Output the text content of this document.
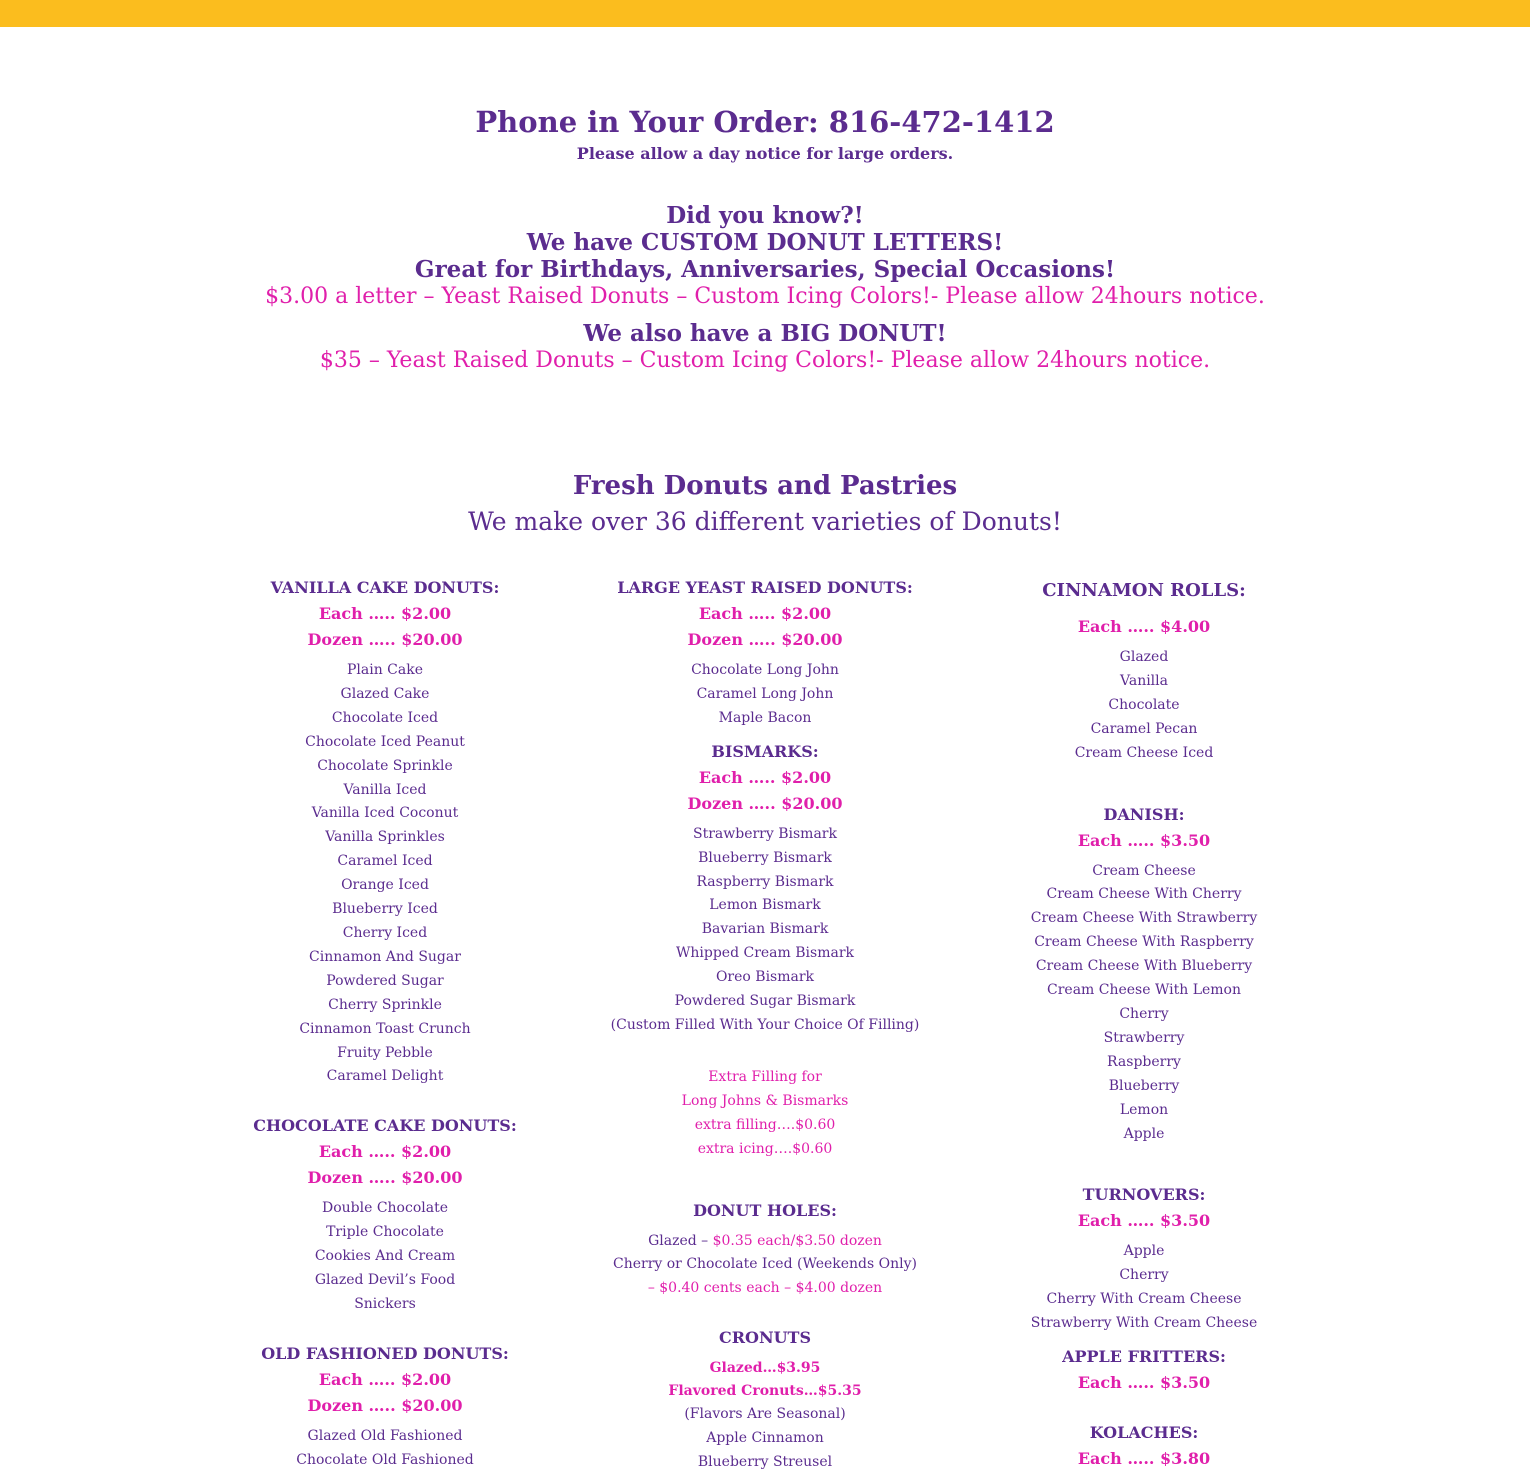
Phone in Your Order: 816-472-1412
Please allow a day notice for large orders.
Did you know?!
We have CUSTOM DONUT LETTERS!
Great for Birthdays, Anniversaries, Special Occasions!
$3.00 a letter – Yeast Raised Donuts – Custom Icing Colors!- Please allow 24hours notice.
We also have a BIG DONUT!
$35 – Yeast Raised Donuts – Custom Icing Colors!- Please allow 24hours notice.
Fresh Donuts and Pastries
We make over 36 different varieties of Donuts!
VANILLA CAKE DONUTS:
Each ….. $2.00
Dozen ….. $20.00
Plain Cake
Glazed Cake
Chocolate Iced
Chocolate Iced Peanut
Chocolate Sprinkle
Vanilla Iced
Vanilla Iced Coconut
Vanilla Sprinkles
Caramel Iced
Orange Iced
Blueberry Iced
Cherry Iced
Cinnamon And Sugar
Powdered Sugar
Cherry Sprinkle
Cinnamon Toast Crunch
Fruity Pebble
Caramel Delight
CHOCOLATE CAKE DONUTS:
Each ….. $2.00
Dozen ….. $20.00
Double Chocolate
Triple Chocolate
Cookies And Cream
Glazed Devil’s Food
Snickers
OLD FASHIONED DONUTS:
Each ….. $2.00
Dozen ….. $20.00
Glazed Old Fashioned
Chocolate Old Fashioned
LARGE YEAST RAISED DONUTS:
Each ….. $2.00
Dozen ….. $20.00
Chocolate Long John
Caramel Long John
Maple Bacon
BISMARKS:
Each ….. $2.00
Dozen ….. $20.00
Strawberry Bismark
Blueberry Bismark
Raspberry Bismark
Lemon Bismark
Bavarian Bismark
Whipped Cream Bismark
Oreo Bismark
Powdered Sugar Bismark
(Custom Filled With Your Choice Of Filling)
Extra Filling for
Long Johns & Bismarks
extra filling….$0.60
extra icing….$0.60
DONUT HOLES:
Glazed – $0.35 each/$3.50 dozen
Cherry or Chocolate Iced (Weekends Only)
– $0.40 cents each – $4.00 dozen
CRONUTS
Glazed…$3.95
Flavored Cronuts…$5.35
(Flavors Are Seasonal)
Apple Cinnamon
Blueberry Streusel
CINNAMON ROLLS:
Each ….. $4.00
Glazed
Vanilla
Chocolate
Caramel Pecan
Cream Cheese Iced
DANISH:
Each ….. $3.50
Cream Cheese
Cream Cheese With Cherry
Cream Cheese With Strawberry
Cream Cheese With Raspberry
Cream Cheese With Blueberry
Cream Cheese With Lemon
Cherry
Strawberry
Raspberry
Blueberry
Lemon
Apple
TURNOVERS:
Each ….. $3.50
Apple
Cherry
Cherry With Cream Cheese
Strawberry With Cream Cheese
APPLE FRITTERS:
Each ….. $3.50
KOLACHES:
Each ….. $3.80
